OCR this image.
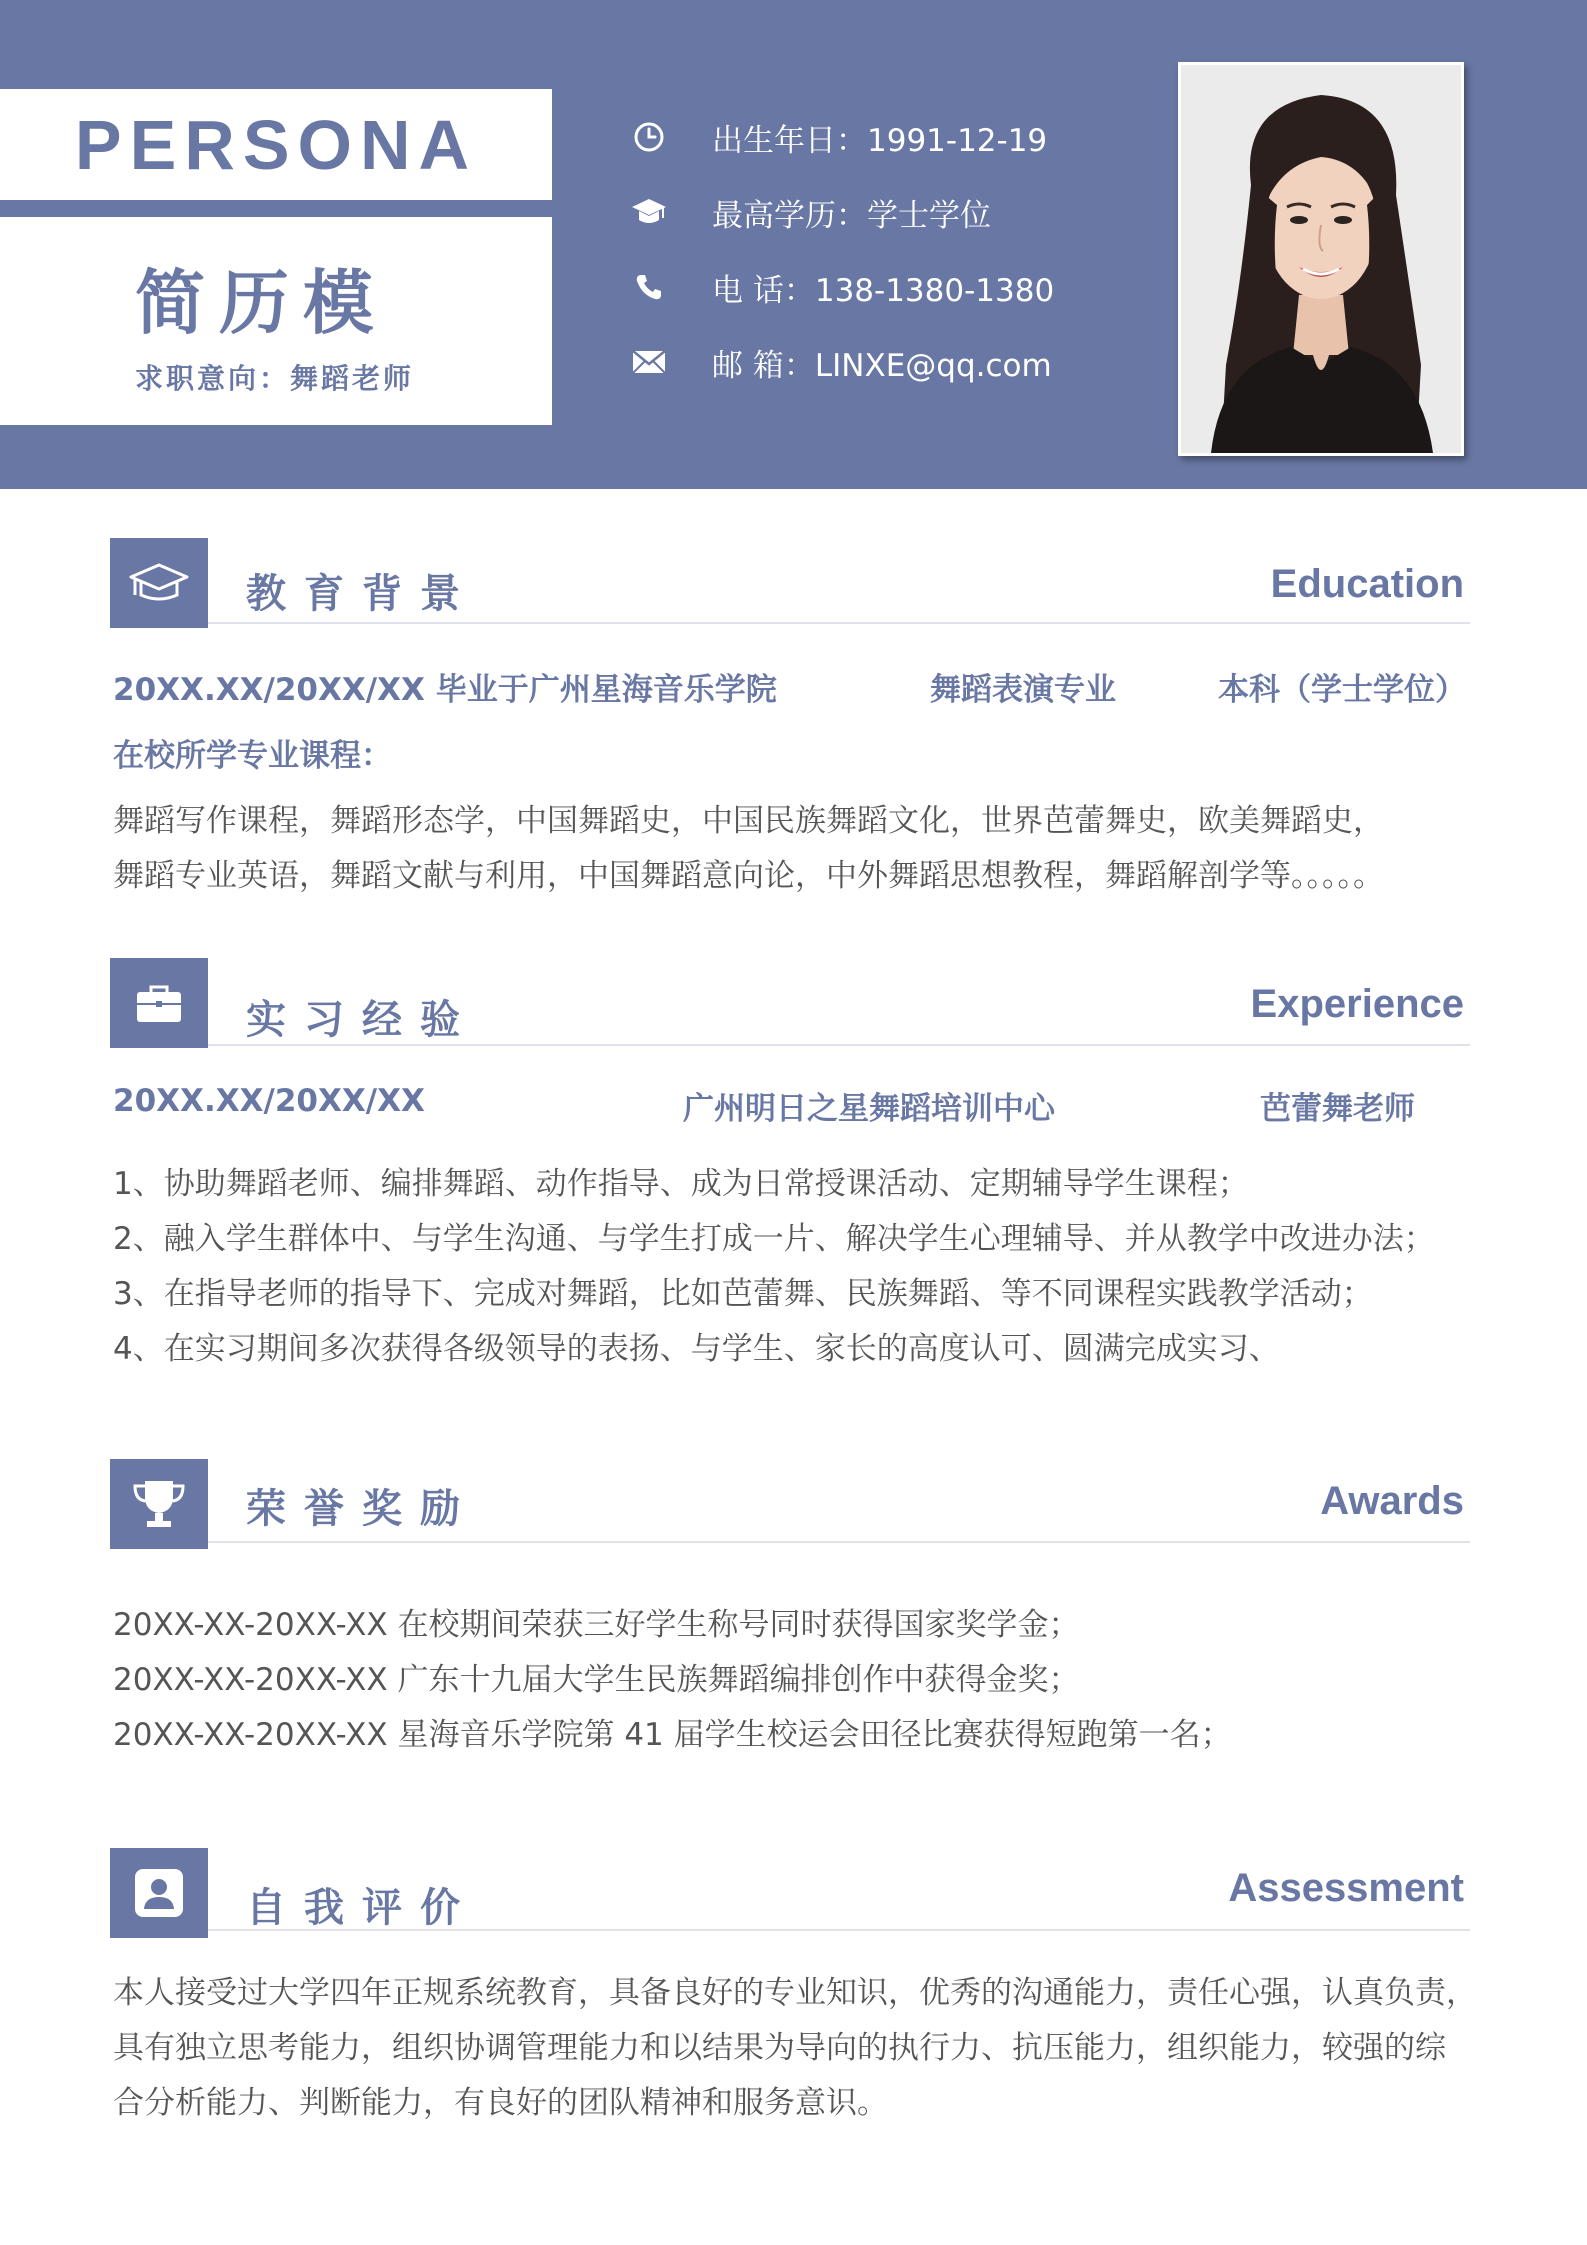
PERSONA
简历模
求职意向：舞蹈老师
出生年日：1991-12-19
最高学历：学士学位
电 话：138-1380-1380
邮 箱：LINXE@qq.com
教育背景	Education
20XX.XX/20XX/XX 毕业于广州星海音乐学院	舞蹈表演专业	本科（学士学位）
在校所学专业课程：
舞蹈写作课程，舞蹈形态学，中国舞蹈史，中国民族舞蹈文化，世界芭蕾舞史，欧美舞蹈史，
舞蹈专业英语，舞蹈文献与利用，中国舞蹈意向论，中外舞蹈思想教程，舞蹈解剖学等。。。。。
实习经验	Experience
20XX.XX/20XX/XX	广州明日之星舞蹈培训中心	芭蕾舞老师
1、协助舞蹈老师、编排舞蹈、动作指导、成为日常授课活动、定期辅导学生课程；
2、融入学生群体中、与学生沟通、与学生打成一片、解决学生心理辅导、并从教学中改进办法；
3、在指导老师的指导下、完成对舞蹈，比如芭蕾舞、民族舞蹈、等不同课程实践教学活动；
4、在实习期间多次获得各级领导的表扬、与学生、家长的高度认可、圆满完成实习、
荣誉奖励	Awards
20XX-XX-20XX-XX 在校期间荣获三好学生称号同时获得国家奖学金；
20XX-XX-20XX-XX 广东十九届大学生民族舞蹈编排创作中获得金奖；
20XX-XX-20XX-XX 星海音乐学院第 41 届学生校运会田径比赛获得短跑第一名；
自我评价	Assessment
本人接受过大学四年正规系统教育，具备良好的专业知识，优秀的沟通能力，责任心强，认真负责，
具有独立思考能力，组织协调管理能力和以结果为导向的执行力、抗压能力，组织能力，较强的综
合分析能力、判断能力，有良好的团队精神和服务意识。
